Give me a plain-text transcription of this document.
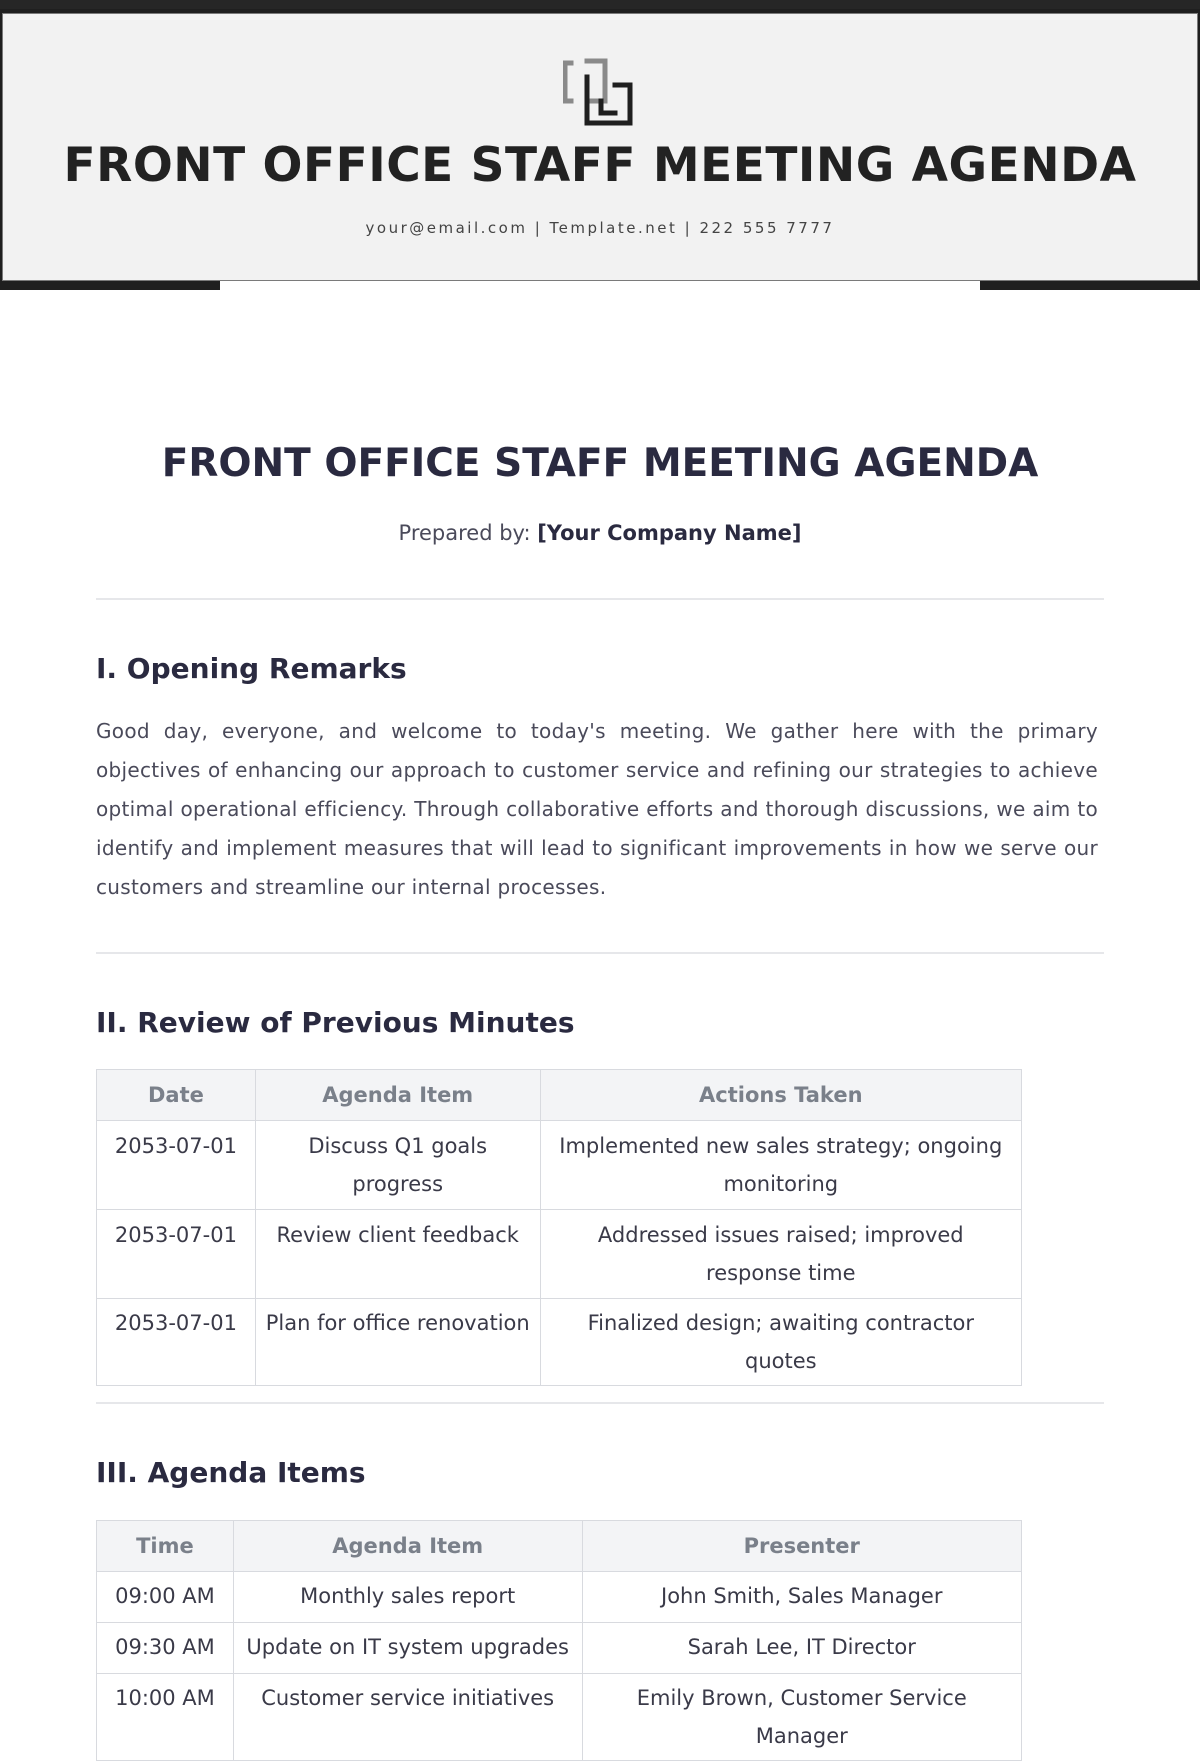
FRONT OFFICE STAFF MEETING AGENDA
your@email.com | Template.net | 222 555 7777
FRONT OFFICE STAFF MEETING AGENDA
Prepared by: [Your Company Name]
I. Opening Remarks

Good day, everyone, and welcome to today's meeting. We gather here with the primary objectives of enhancing our approach to customer service and refining our strategies to achieve optimal operational efficiency. Through collaborative efforts and thorough discussions, we aim to identify and implement measures that will lead to significant improvements in how we serve our customers and streamline our internal processes.

II. Review of Previous Minutes
Date	Agenda Item	Actions Taken
2053-07-01	Discuss Q1 goals progress	Implemented new sales strategy; ongoing monitoring
2053-07-01	Review client feedback	Addressed issues raised; improved response time
2053-07-01	Plan for office renovation	Finalized design; awaiting contractor quotes
III. Agenda Items
Time	Agenda Item	Presenter
09:00 AM	Monthly sales report	John Smith, Sales Manager
09:30 AM	Update on IT system upgrades	Sarah Lee, IT Director
10:00 AM	Customer service initiatives	Emily Brown, Customer Service Manager
